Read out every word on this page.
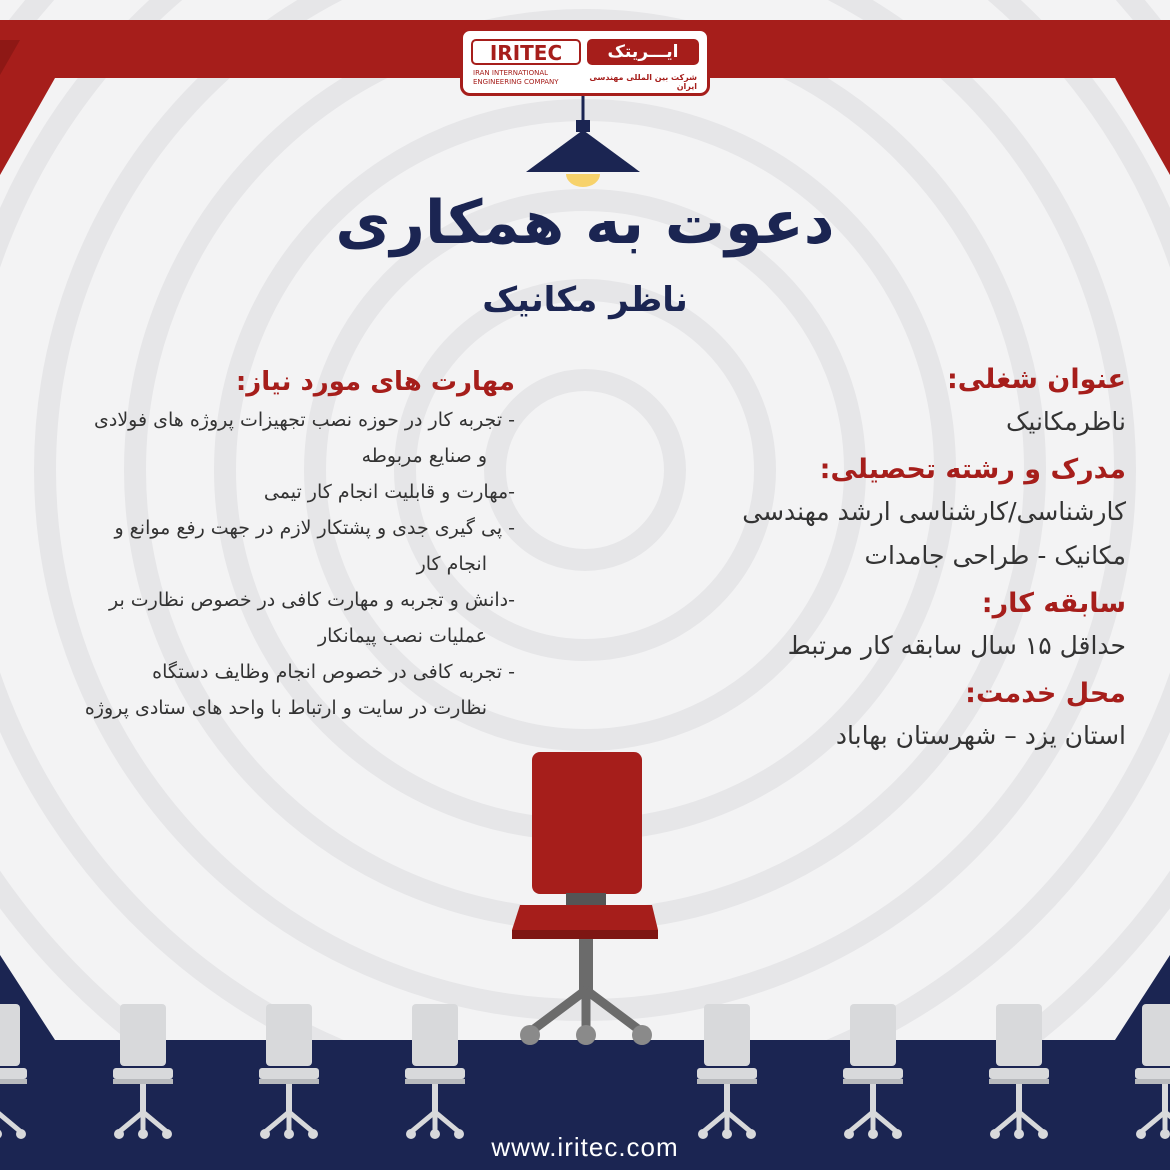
IRITEC	ایـــریتک
IRAN INTERNATIONAL
ENGINEERING COMPANY	شرکت بین المللی مهندسی ایران
دعوت به همکاری
ناظر مکانیک

عنوان شغلی:

ناظرمکانیک

مدرک و رشته تحصیلی:

کارشناسی/کارشناسی ارشد مهندسی

مکانیک - طراحی جامدات

سابقه کار:

حداقل ۱۵ سال سابقه کار مرتبط

محل خدمت:

استان یزد – شهرستان بهاباد

مهارت های مورد نیاز:

- تجربه کار در حوزه نصب تجهیزات پروژه های فولادی
و صنایع مربوطه

-مهارت و قابلیت انجام کار تیمی

- پی گیری جدی و پشتکار لازم در جهت رفع موانع و
انجام کار

-دانش و تجربه و مهارت کافی در خصوص نظارت بر
عملیات نصب پیمانکار

- تجربه کافی در خصوص انجام وظایف دستگاه
نظارت در سایت و ارتباط با واحد های ستادی پروژه

www.iritec.com
